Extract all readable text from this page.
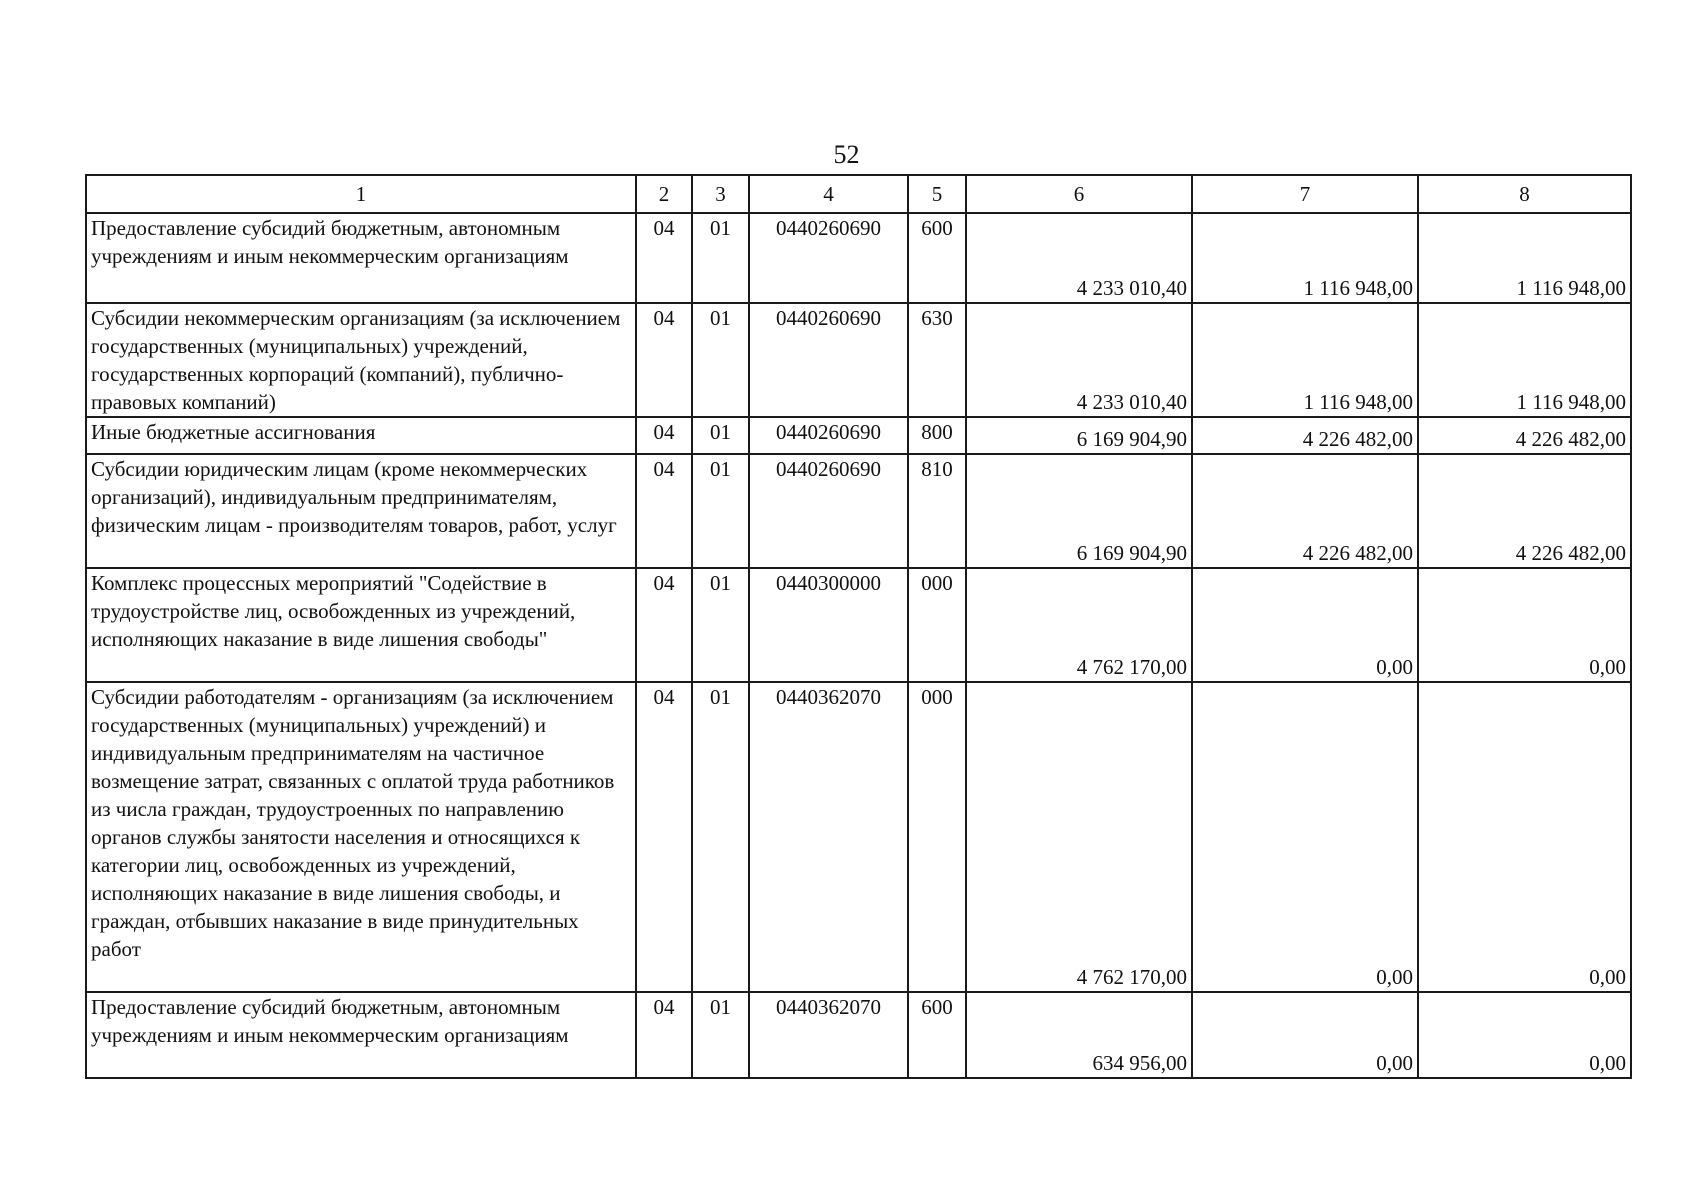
52
1	2	3	4	5	6	7	8
Предоставление субсидий бюджетным, автономным учреждениям и иным некоммерческим организациям	04	01	0440260690	600	4 233 010,40	1 116 948,00	1 116 948,00
Субсидии некоммерческим организациям (за исключением государственных (муниципальных) учреждений, государственных корпораций (компаний), публично-правовых компаний)	04	01	0440260690	630	4 233 010,40	1 116 948,00	1 116 948,00
Иные бюджетные ассигнования	04	01	0440260690	800	6 169 904,90	4 226 482,00	4 226 482,00
Субсидии юридическим лицам (кроме некоммерческих организаций), индивидуальным предпринимателям, физическим лицам - производителям товаров, работ, услуг	04	01	0440260690	810	6 169 904,90	4 226 482,00	4 226 482,00
Комплекс процессных мероприятий "Содействие в трудоустройстве лиц, освобожденных из учреждений, исполняющих наказание в виде лишения свободы"	04	01	0440300000	000	4 762 170,00	0,00	0,00
Субсидии работодателям - организациям (за исключением государственных (муниципальных) учреждений) и индивидуальным предпринимателям на частичное возмещение затрат, связанных с оплатой труда работников из числа граждан, трудоустроенных по направлению органов службы занятости населения и относящихся к категории лиц, освобожденных из учреждений, исполняющих наказание в виде лишения свободы, и граждан, отбывших наказание в виде принудительных работ	04	01	0440362070	000	4 762 170,00	0,00	0,00
Предоставление субсидий бюджетным, автономным учреждениям и иным некоммерческим организациям	04	01	0440362070	600	634 956,00	0,00	0,00
